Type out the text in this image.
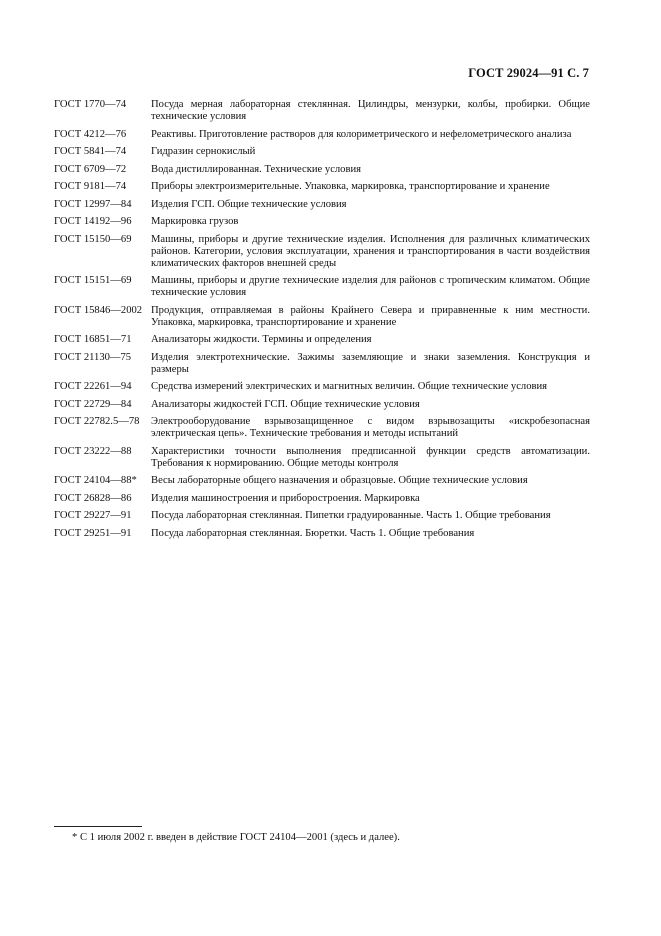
ГОСТ 29024—91 С. 7
ГОСТ 1770—74	Посуда мерная лабораторная стеклянная. Цилиндры, мензурки, колбы, пробирки. Общие технические условия
ГОСТ 4212—76	Реактивы. Приготовление растворов для колориметрического и нефелометрического анализа
ГОСТ 5841—74	Гидразин сернокислый
ГОСТ 6709—72	Вода дистиллированная. Технические условия
ГОСТ 9181—74	Приборы электроизмерительные. Упаковка, маркировка, транспортирование и хранение
ГОСТ 12997—84	Изделия ГСП. Общие технические условия
ГОСТ 14192—96	Маркировка грузов
ГОСТ 15150—69	Машины, приборы и другие технические изделия. Исполнения для различных климатических районов. Категории, условия эксплуатации, хранения и транспортирования в части воздействия климатических факторов внешней среды
ГОСТ 15151—69	Машины, приборы и другие технические изделия для районов с тропическим климатом. Общие технические условия
ГОСТ 15846—2002 Продукция, отправляемая в районы Крайнего Севера и приравненные к ним местности. Упаковка, маркировка, транспортирование и хранение
ГОСТ 16851—71	Анализаторы жидкости. Термины и определения
ГОСТ 21130—75	Изделия электротехнические. Зажимы заземляющие и знаки заземления. Конструкция и размеры
ГОСТ 22261—94	Средства измерений электрических и магнитных величин. Общие технические условия
ГОСТ 22729—84	Анализаторы жидкостей ГСП. Общие технические условия
ГОСТ 22782.5—78	Электрооборудование взрывозащищенное с видом взрывозащиты «искробезопасная электрическая цепь». Технические требования и методы испытаний
ГОСТ 23222—88	Характеристики точности выполнения предписанной функции средств автоматизации. Требования к нормированию. Общие методы контроля
ГОСТ 24104—88*	Весы лабораторные общего назначения и образцовые. Общие технические условия
ГОСТ 26828—86	Изделия машиностроения и приборостроения. Маркировка
ГОСТ 29227—91	Посуда лабораторная стеклянная. Пипетки градуированные. Часть 1. Общие требования
ГОСТ 29251—91	Посуда лабораторная стеклянная. Бюретки. Часть 1. Общие требования
* С 1 июля 2002 г. введен в действие ГОСТ 24104—2001 (здесь и далее).
